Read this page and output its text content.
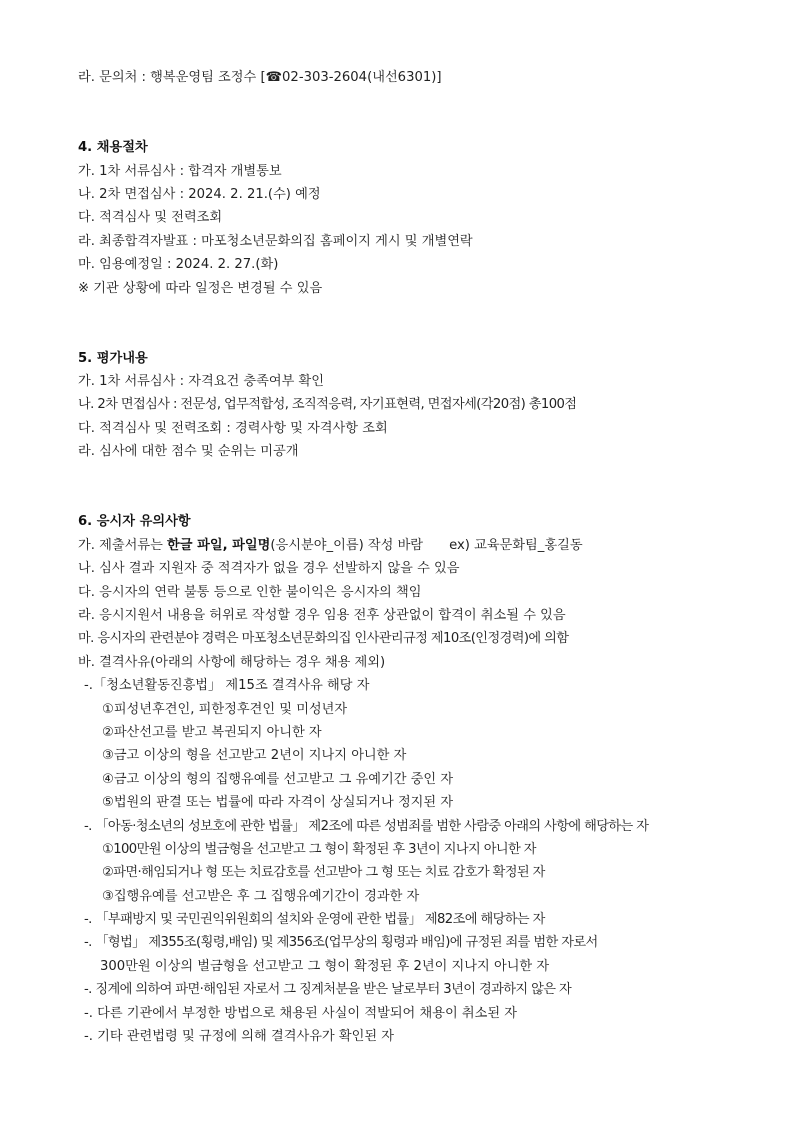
라. 문의처 : 행복운영팀 조정수 [☎02-303-2604(내선6301)]
4. 채용절차
가. 1차 서류심사 : 합격자 개별통보
나. 2차 면접심사 : 2024. 2. 21.(수) 예정
다. 적격심사 및 전력조회
라. 최종합격자발표 : 마포청소년문화의집 홈페이지 게시 및 개별연락
마. 임용예정일 : 2024. 2. 27.(화)
※ 기관 상황에 따라 일정은 변경될 수 있음
5. 평가내용
가. 1차 서류심사 : 자격요건 충족여부 확인
나. 2차 면접심사 : 전문성, 업무적합성, 조직적응력, 자기표현력, 면접자세(각20점) 총100점
다. 적격심사 및 전력조회 : 경력사항 및 자격사항 조회
라. 심사에 대한 점수 및 순위는 미공개
6. 응시자 유의사항
가. 제출서류는 한글 파일, 파일명(응시분야_이름) 작성 바람 ex) 교육문화팀_홍길동
나. 심사 결과 지원자 중 적격자가 없을 경우 선발하지 않을 수 있음
다. 응시자의 연락 불통 등으로 인한 불이익은 응시자의 책임
라. 응시지원서 내용을 허위로 작성할 경우 임용 전후 상관없이 합격이 취소될 수 있음
마. 응시자의 관련분야 경력은 마포청소년문화의집 인사관리규정 제10조(인정경력)에 의함
바. 결격사유(아래의 사항에 해당하는 경우 채용 제외)
-.「청소년활동진흥법」 제15조 결격사유 해당 자
①피성년후견인, 피한정후견인 및 미성년자
②파산선고를 받고 복권되지 아니한 자
③금고 이상의 형을 선고받고 2년이 지나지 아니한 자
④금고 이상의 형의 집행유예를 선고받고 그 유예기간 중인 자
⑤법원의 판결 또는 법률에 따라 자격이 상실되거나 정지된 자
-. 「아동·청소년의 성보호에 관한 법률」 제2조에 따른 성범죄를 범한 사람중 아래의 사항에 해당하는 자
①100만원 이상의 벌금형을 선고받고 그 형이 확정된 후 3년이 지나지 아니한 자
②파면·해임되거나 형 또는 치료감호를 선고받아 그 형 또는 치료 감호가 확정된 자
③집행유예를 선고받은 후 그 집행유예기간이 경과한 자
-. 「부패방지 및 국민권익위원회의 설치와 운영에 관한 법률」 제82조에 해당하는 자
-. 「형법」 제355조(횡령,배임) 및 제356조(업무상의 횡령과 배임)에 규정된 죄를 범한 자로서
300만원 이상의 벌금형을 선고받고 그 형이 확정된 후 2년이 지나지 아니한 자
-. 징계에 의하여 파면·해임된 자로서 그 징계처분을 받은 날로부터 3년이 경과하지 않은 자
-. 다른 기관에서 부정한 방법으로 채용된 사실이 적발되어 채용이 취소된 자
-. 기타 관련법령 및 규정에 의해 결격사유가 확인된 자
